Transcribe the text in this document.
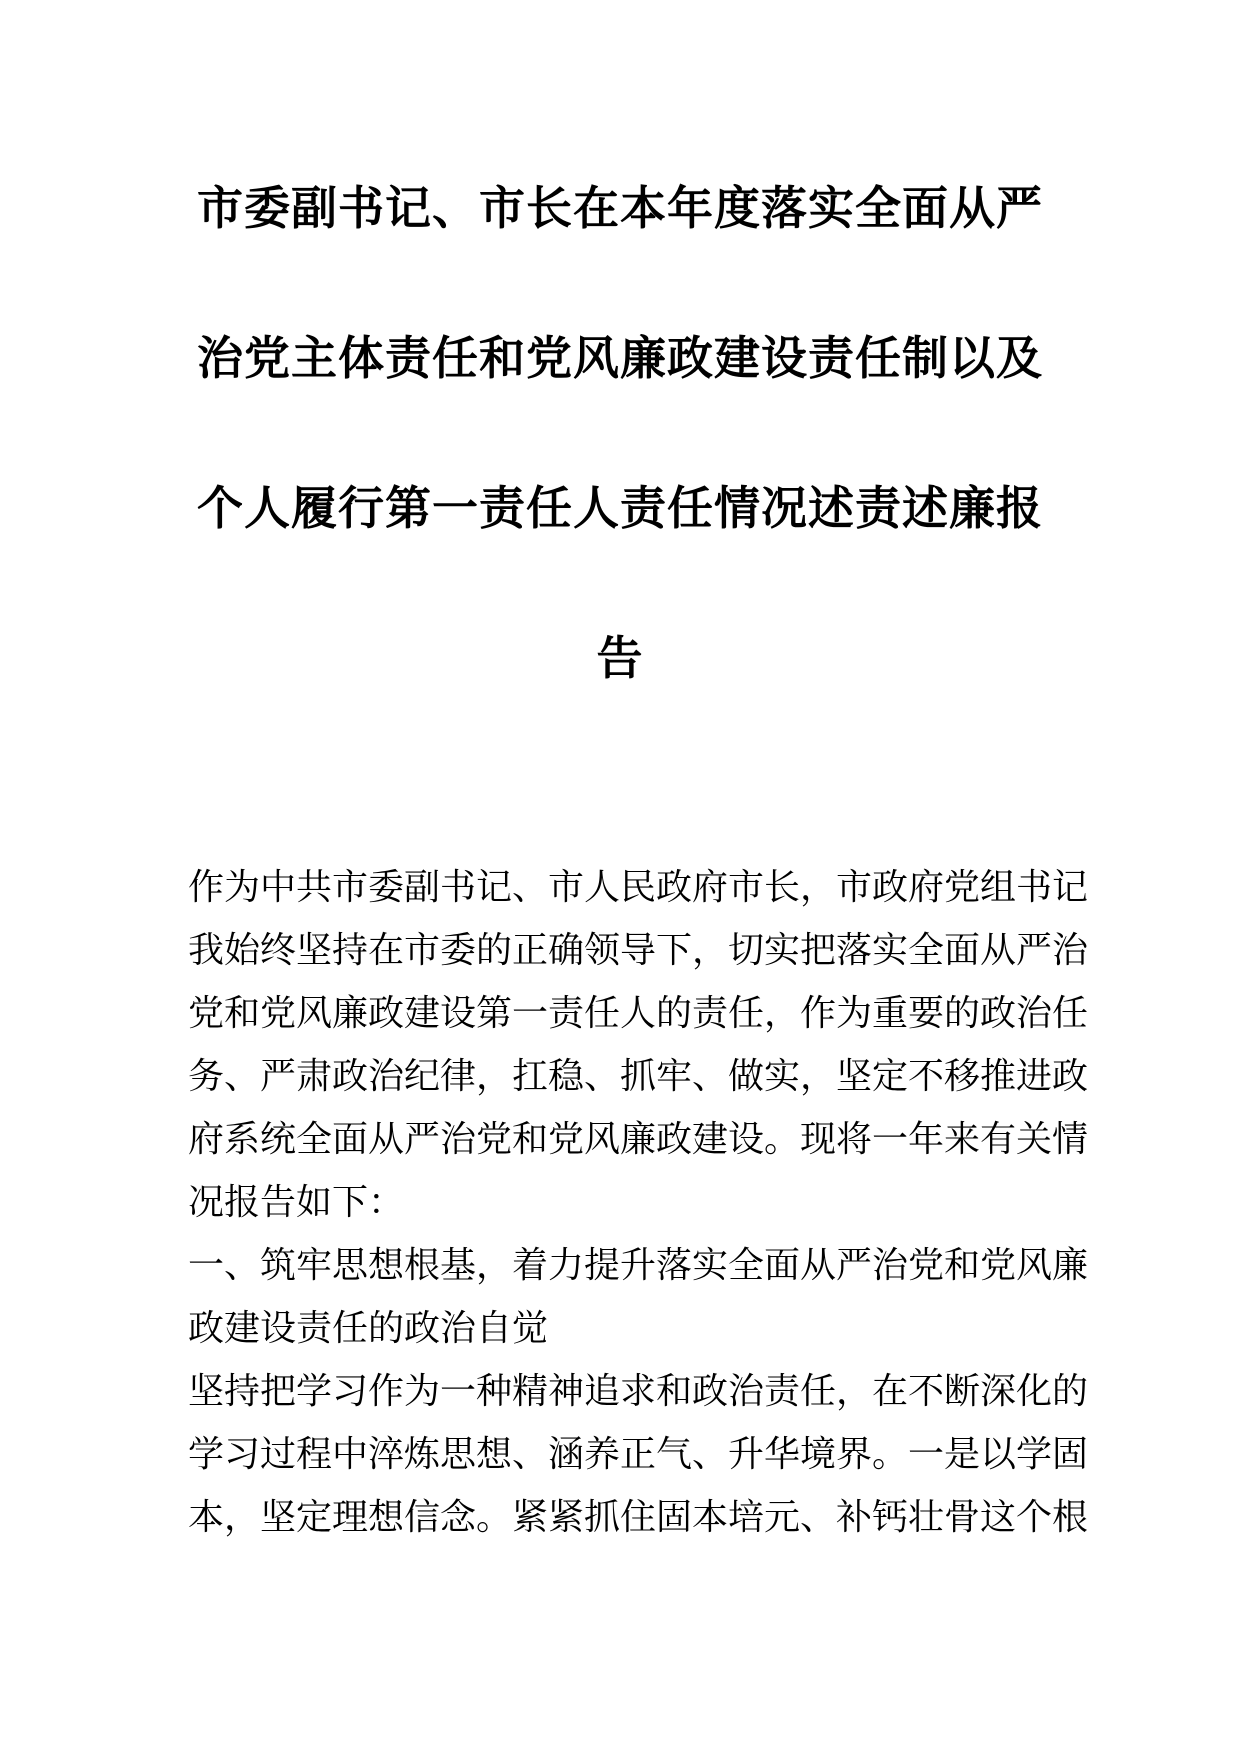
市委副书记、市长在本年度落实全面从严
治党主体责任和党风廉政建设责任制以及
个人履行第一责任人责任情况述责述廉报
告
作为中共市委副书记、市人民政府市长，市政府党组书记
我始终坚持在市委的正确领导下，切实把落实全面从严治
党和党风廉政建设第一责任人的责任，作为重要的政治任
务、严肃政治纪律，扛稳、抓牢、做实，坚定不移推进政
府系统全面从严治党和党风廉政建设。现将一年来有关情
况报告如下：
一、筑牢思想根基，着力提升落实全面从严治党和党风廉
政建设责任的政治自觉
坚持把学习作为一种精神追求和政治责任，在不断深化的
学习过程中淬炼思想、涵养正气、升华境界。一是以学固
本，坚定理想信念。紧紧抓住固本培元、补钙壮骨这个根
